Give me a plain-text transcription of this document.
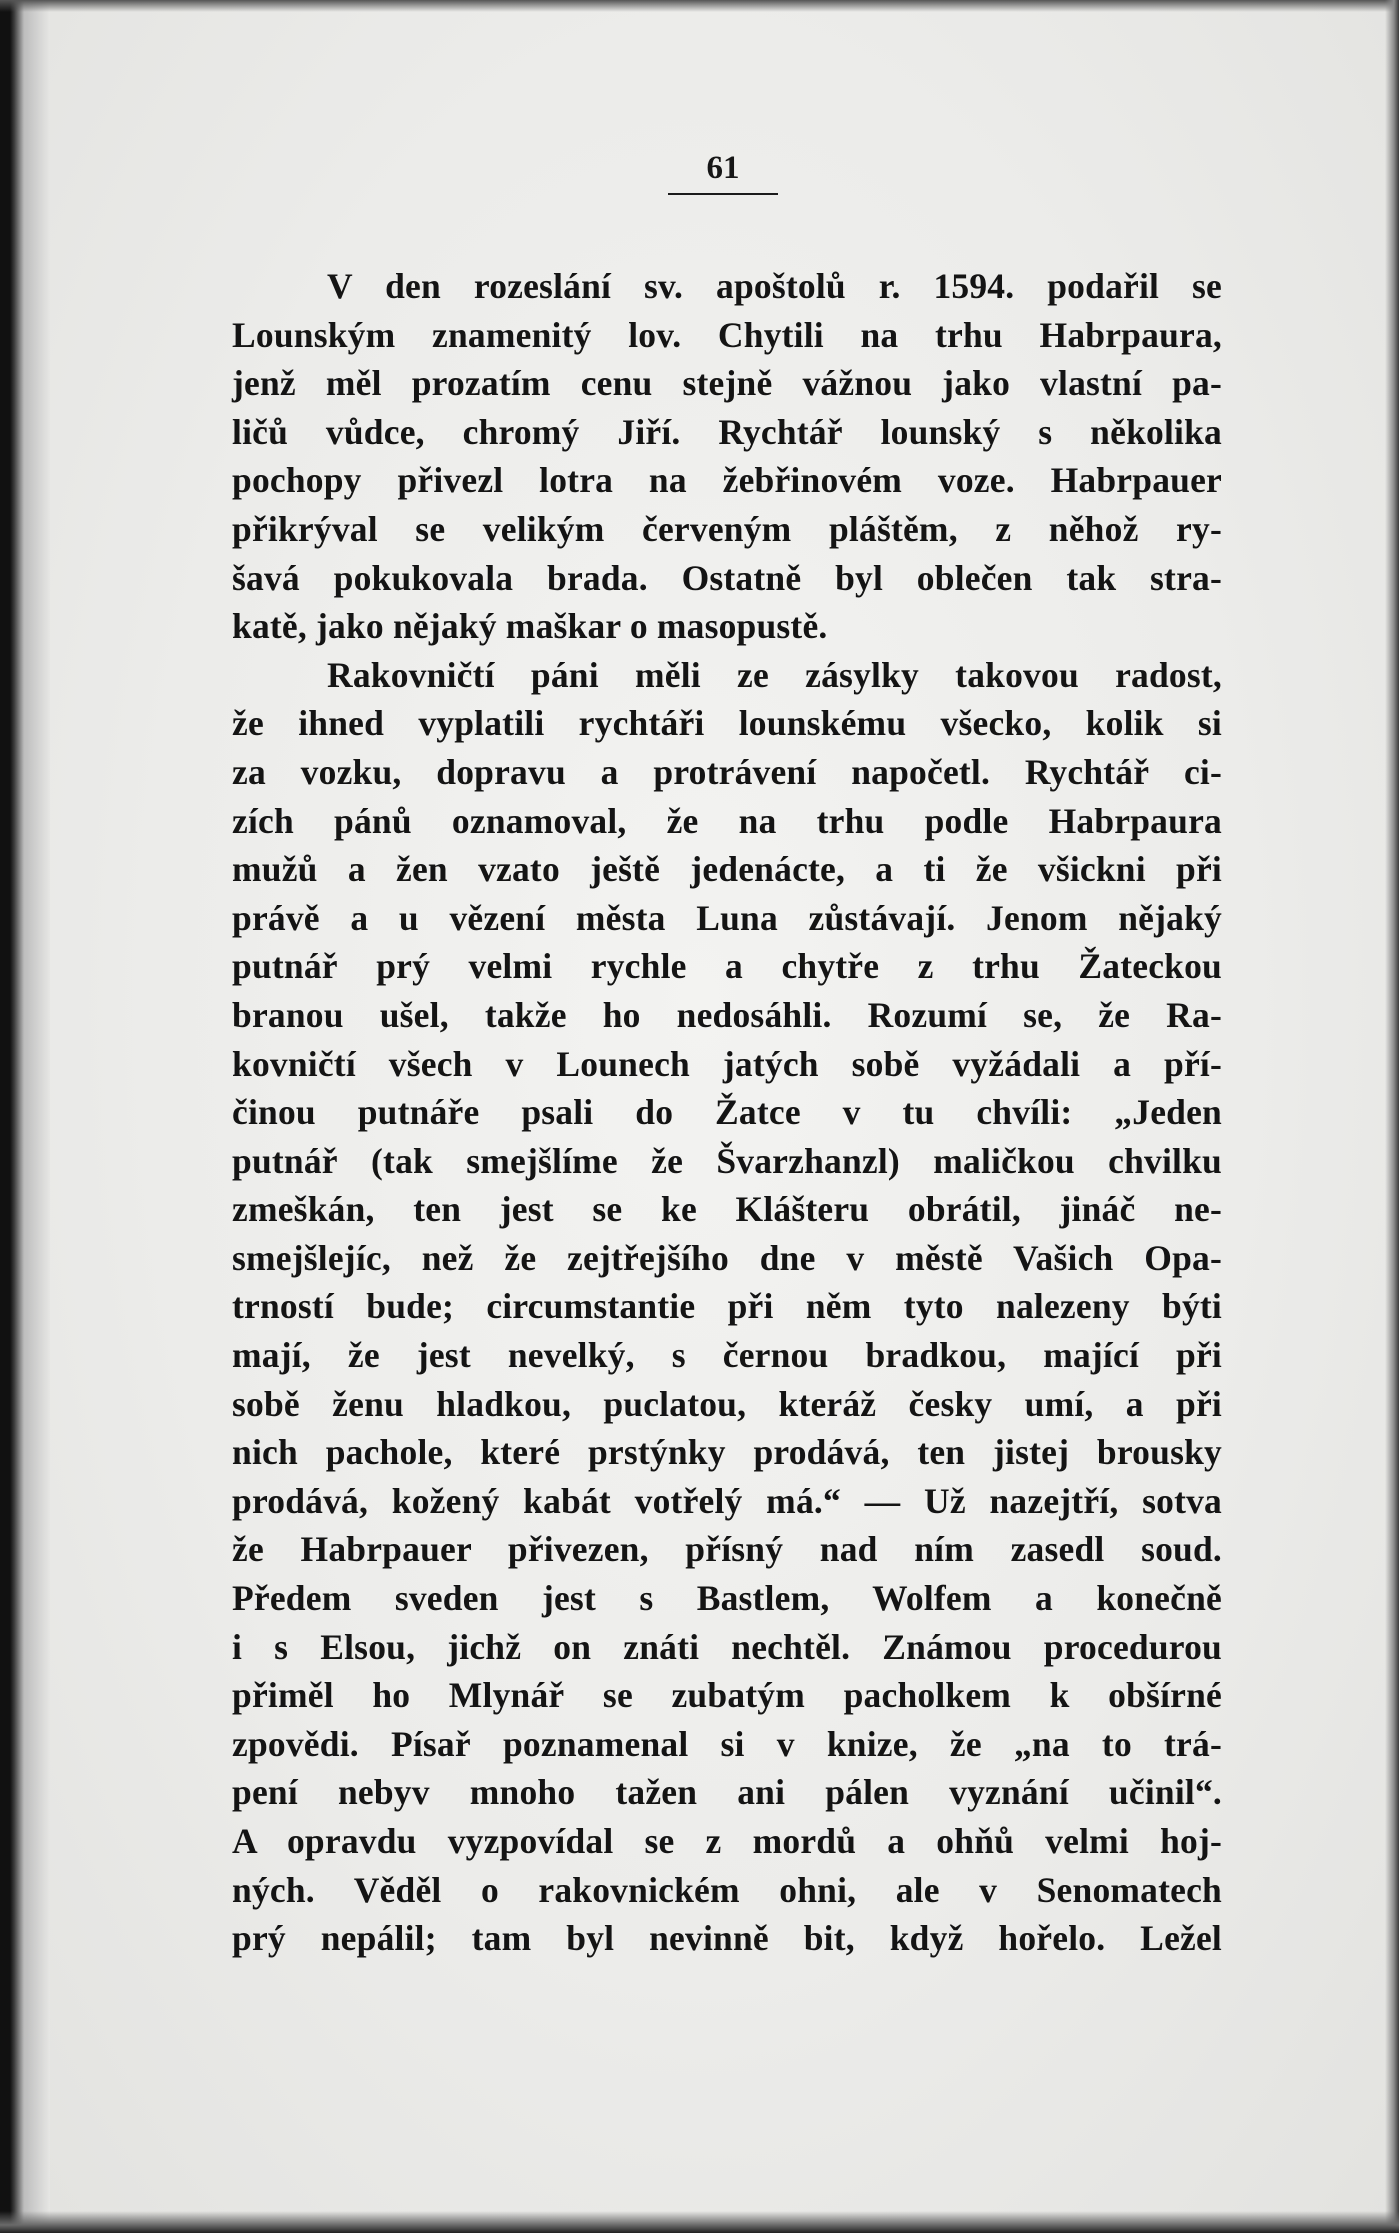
61
V den rozeslání sv. apoštolů r. 1594. podařil se
Lounským znamenitý lov. Chytili na trhu Habrpaura,
jenž měl prozatím cenu stejně vážnou jako vlastní pa-
ličů vůdce, chromý Jiří. Rychtář lounský s několika
pochopy přivezl lotra na žebřinovém voze. Habrpauer
přikrýval se velikým červeným pláštěm, z něhož ry-
šavá pokukovala brada. Ostatně byl oblečen tak stra-
katě, jako nějaký maškar o masopustě.
Rakovničtí páni měli ze zásylky takovou radost,
že ihned vyplatili rychtáři lounskému všecko, kolik si
za vozku, dopravu a protrávení napočetl. Rychtář ci-
zích pánů oznamoval, že na trhu podle Habrpaura
mužů a žen vzato ještě jedenácte, a ti že všickni při
právě a u vězení města Luna zůstávají. Jenom nějaký
putnář prý velmi rychle a chytře z trhu Žateckou
branou ušel, takže ho nedosáhli. Rozumí se, že Ra-
kovničtí všech v Lounech jatých sobě vyžádali a pří-
činou putnáře psali do Žatce v tu chvíli: „Jeden
putnář (tak smejšlíme že Švarzhanzl) maličkou chvilku
zmeškán, ten jest se ke Klášteru obrátil, jináč ne-
smejšlejíc, než že zejtřejšího dne v městě Vašich Opa-
trností bude; circumstantie při něm tyto nalezeny býti
mají, že jest nevelký, s černou bradkou, mající při
sobě ženu hladkou, puclatou, kteráž česky umí, a při
nich pachole, které prstýnky prodává, ten jistej brousky
prodává, kožený kabát votřelý má.“ — Už nazejtří, sotva
že Habrpauer přivezen, přísný nad ním zasedl soud.
Předem sveden jest s Bastlem, Wolfem a konečně
i s Elsou, jichž on znáti nechtěl. Známou procedurou
přiměl ho Mlynář se zubatým pacholkem k obšírné
zpovědi. Písař poznamenal si v knize, že „na to trá-
pení nebyv mnoho tažen ani pálen vyznání učinil“.
A opravdu vyzpovídal se z mordů a ohňů velmi hoj-
ných. Věděl o rakovnickém ohni, ale v Senomatech
prý nepálil; tam byl nevinně bit, když hořelo. Ležel
